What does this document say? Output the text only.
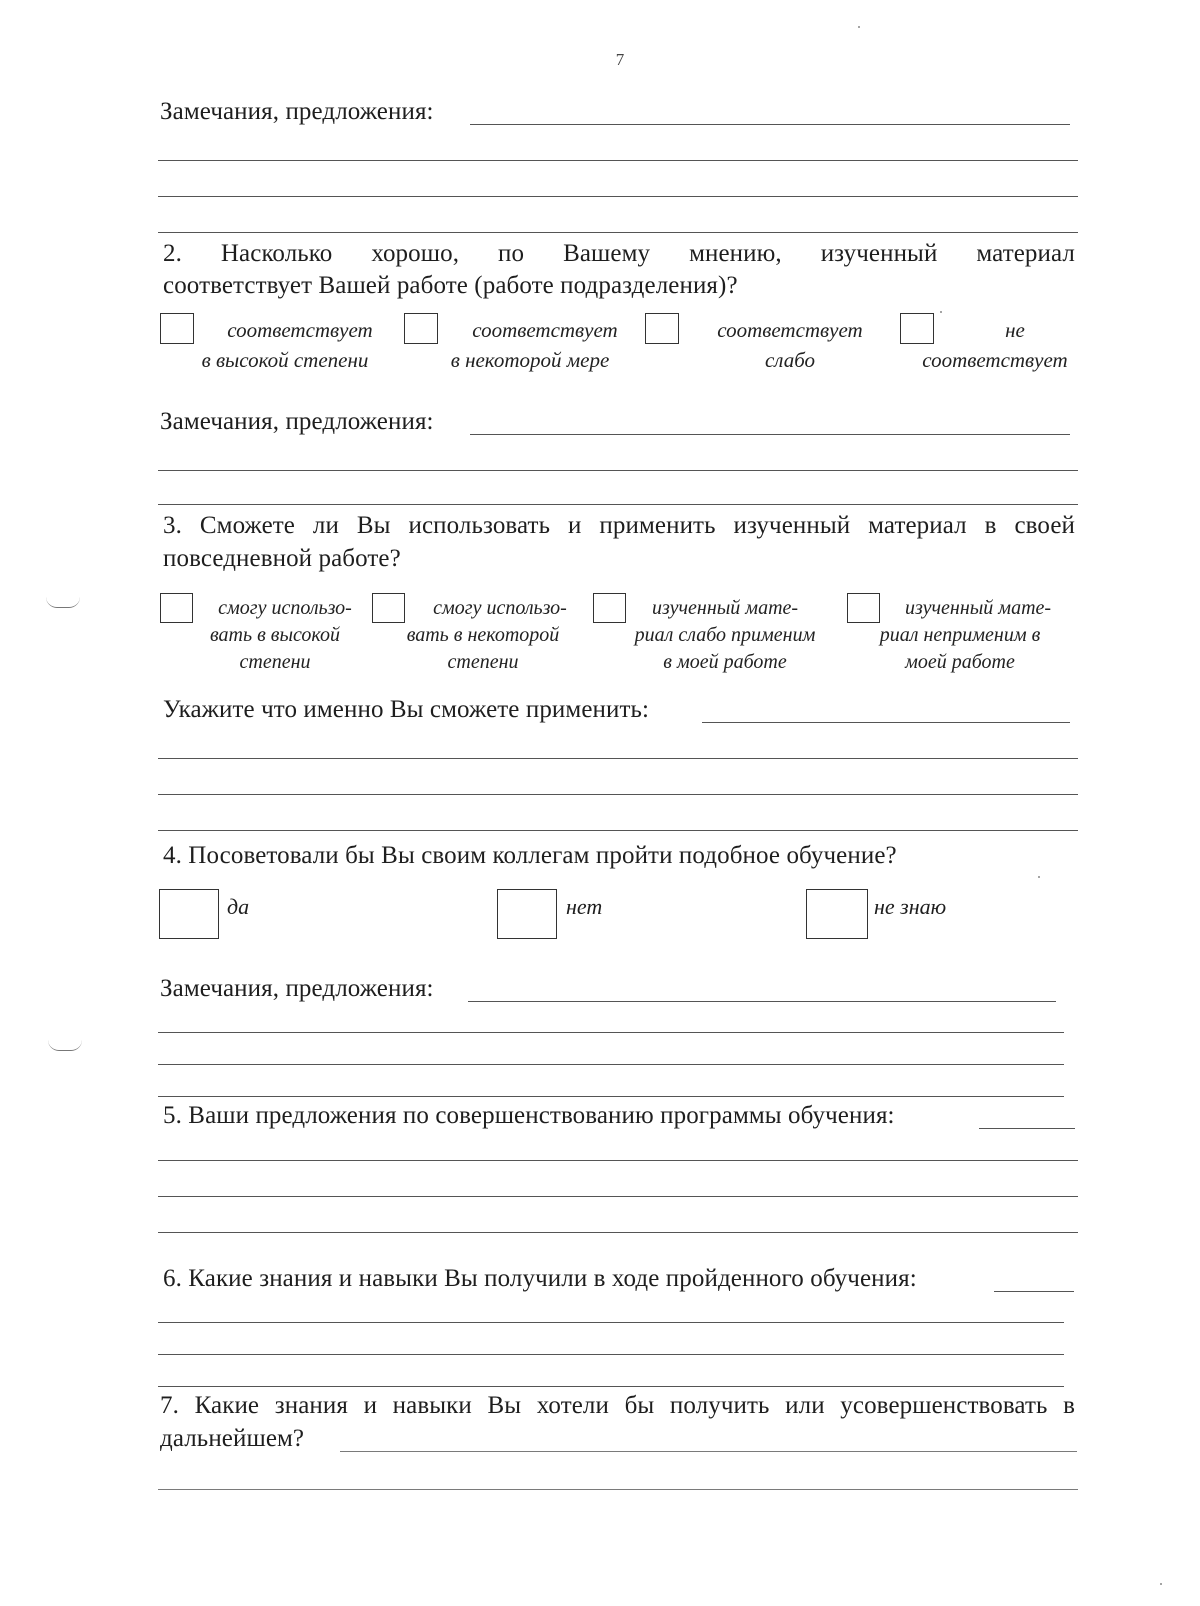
7
Замечания, предложения:
2. Насколько хорошо, по Вашему мнению, изученный материал
соответствует Вашей работе (работе подразделения)?
соответствует
в высокой степени
соответствует
в некоторой мере
соответствует
слабо
не
соответствует
Замечания, предложения:
3. Сможете ли Вы использовать и применить изученный материал в своей
повседневной работе?
смогу использо-
вать в высокой
степени
смогу использо-
вать в некоторой
степени
изученный мате-
риал слабо применим
в моей работе
изученный мате-
риал неприменим в
моей работе
Укажите что именно Вы сможете применить:
4. Посоветовали бы Вы своим коллегам пройти подобное обучение?
да	нет	не знаю
Замечания, предложения:
5. Ваши предложения по совершенствованию программы обучения:
6. Какие знания и навыки Вы получили в ходе пройденного обучения:
7. Какие знания и навыки Вы хотели бы получить или усовершенствовать в
дальнейшем?
